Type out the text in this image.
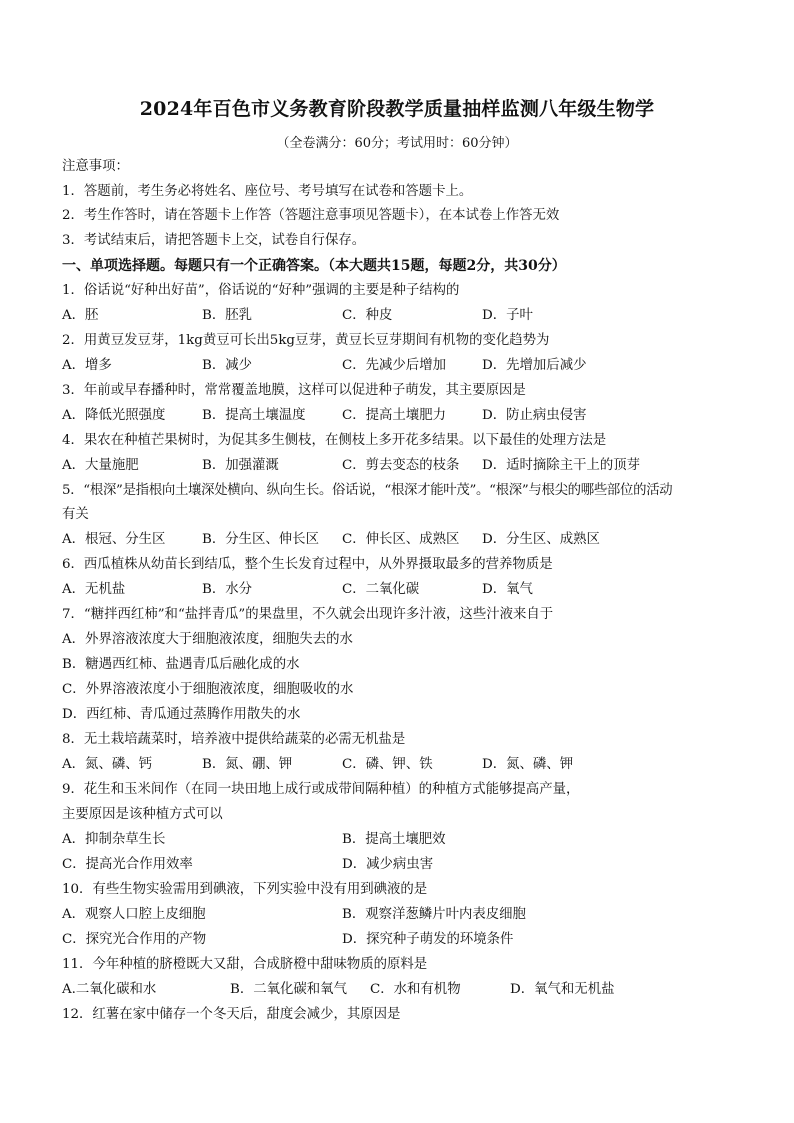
2024年百色市义务教育阶段教学质量抽样监测八年级生物学
（全卷满分：60分；考试用时：60分钟）
注意事项：
1．答题前，考生务必将姓名、座位号、考号填写在试卷和答题卡上。
2．考生作答时，请在答题卡上作答（答题注意事项见答题卡），在本试卷上作答无效
3．考试结束后，请把答题卡上交，试卷自行保存。
一、单项选择题。每题只有一个正确答案。（本大题共15题，每题2分，共30分）
1．俗话说“好种出好苗”，俗话说的“好种”强调的主要是种子结构的
A．胚	B．胚乳	C．种皮	D．子叶
2．用黄豆发豆芽，1kg黄豆可长出5kg豆芽，黄豆长豆芽期间有机物的变化趋势为
A．增多	B．减少	C．先减少后增加	D．先增加后减少
3．年前或早春播种时，常常覆盖地膜，这样可以促进种子萌发，其主要原因是
A．降低光照强度	B．提高土壤温度	C．提高土壤肥力	D．防止病虫侵害
4．果农在种植芒果树时，为促其多生侧枝，在侧枝上多开花多结果。以下最佳的处理方法是
A．大量施肥	B．加强灌溉	C．剪去变态的枝条 D．适时摘除主干上的顶芽
5．“根深”是指根向土壤深处横向、纵向生长。俗话说，“根深才能叶茂”。“根深”与根尖的哪些部位的活动
有关
A．根冠、分生区	B．分生区、伸长区 C．伸长区、成熟区 D．分生区、成熟区
6．西瓜植株从幼苗长到结瓜，整个生长发育过程中，从外界摄取最多的营养物质是
A．无机盐	B．水分	C．二氧化碳	D．氧气
7．“糖拌西红柿”和“盐拌青瓜”的果盘里，不久就会出现许多汁液，这些汁液来自于
A．外界溶液浓度大于细胞液浓度，细胞失去的水
B．糖遇西红柿、盐遇青瓜后融化成的水
C．外界溶液浓度小于细胞液浓度，细胞吸收的水
D．西红柿、青瓜通过蒸腾作用散失的水
8．无土栽培蔬菜时，培养液中提供给蔬菜的必需无机盐是
A．氮、磷、钙	B．氮、硼、钾	C．磷、钾、铁	D．氮、磷、钾
9．花生和玉米间作（在同一块田地上成行或成带间隔种植）的种植方式能够提高产量，
主要原因是该种植方式可以
A．抑制杂草生长	B．提高土壤肥效
C．提高光合作用效率	D．减少病虫害
10．有些生物实验需用到碘液，下列实验中没有用到碘液的是
A．观察人口腔上皮细胞	B．观察洋葱鳞片叶内表皮细胞
C．探究光合作用的产物	D．探究种子萌发的环境条件
11．今年种植的脐橙既大又甜，合成脐橙中甜味物质的原料是
A.二氧化碳和水	B．二氧化碳和氧气 C．水和有机物	D．氧气和无机盐
12．红薯在家中储存一个冬天后，甜度会减少，其原因是
